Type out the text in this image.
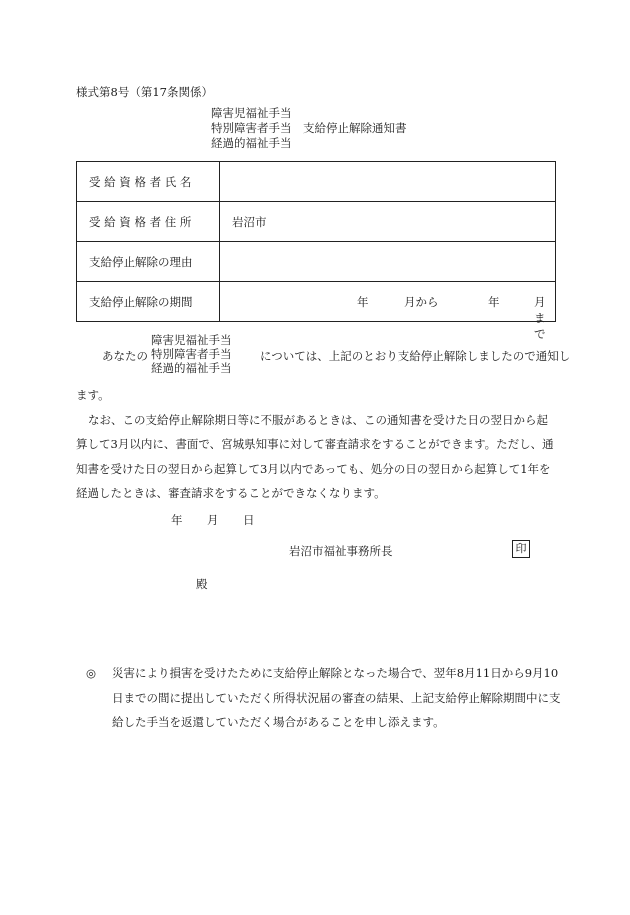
様式第8号（第17条関係）
障害児福祉手当
特別障害者手当
経過的福祉手当
支給停止解除通知書
受 給 資 格 者 氏 名	
受 給 資 格 者 住 所	岩沼市
支給停止解除の理由	
支給停止解除の期間	年 月から 年 月まで
あなたの
障害児福祉手当
特別障害者手当
経過的福祉手当
については、上記のとおり支給停止解除しましたので通知し

ます。

なお、この支給停止解除期日等に不服があるときは、この通知書を受けた日の翌日から起算して3月以内に、書面で、宮城県知事に対して審査請求をすることができます。ただし、通知書を受けた日の翌日から起算して3月以内であっても、処分の日の翌日から起算して1年を経過したときは、審査請求をすることができなくなります。

年 月 日
岩沼市福祉事務所長	印
殿
◎	災害により損害を受けたために支給停止解除となった場合で、翌年8月11日から9月10日までの間に提出していただく所得状況届の審査の結果、上記支給停止解除期間中に支給した手当を返還していただく場合があることを申し添えます。
